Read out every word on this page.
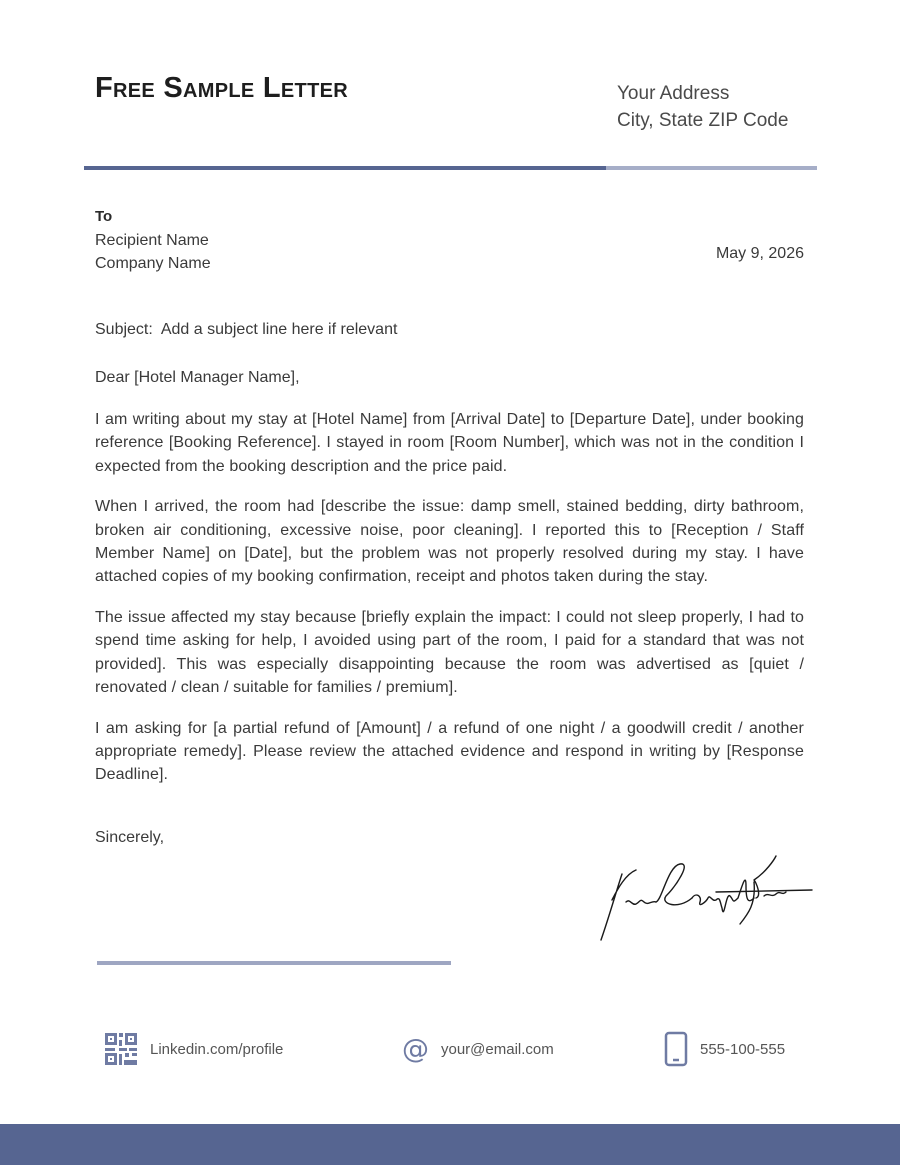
Free Sample Letter	Your Address
City, State ZIP Code
To
Recipient Name
Company Name
May 9, 2026
Subject:  Add a subject line here if relevant
Dear [Hotel Manager Name],

I am writing about my stay at [Hotel Name] from [Arrival Date] to [Departure Date], under booking reference [Booking Reference]. I stayed in room [Room Number], which was not in the condition I expected from the booking description and the price paid.

When I arrived, the room had [describe the issue: damp smell, stained bedding, dirty bathroom, broken air conditioning, excessive noise, poor cleaning]. I reported this to [Reception / Staff Member Name] on [Date], but the problem was not properly resolved during my stay. I have attached copies of my booking confirmation, receipt and photos taken during the stay.

The issue affected my stay because [briefly explain the impact: I could not sleep properly, I had to spend time asking for help, I avoided using part of the room, I paid for a standard that was not provided]. This was especially disappointing because the room was advertised as [quiet / renovated / clean / suitable for families / premium].

I am asking for [a partial refund of [Amount] / a refund of one night / a goodwill credit / another appropriate remedy]. Please review the attached evidence and respond in writing by [Response Deadline].

Sincerely,
Linkedin.com/profile	@ your@email.com	555-100-555
